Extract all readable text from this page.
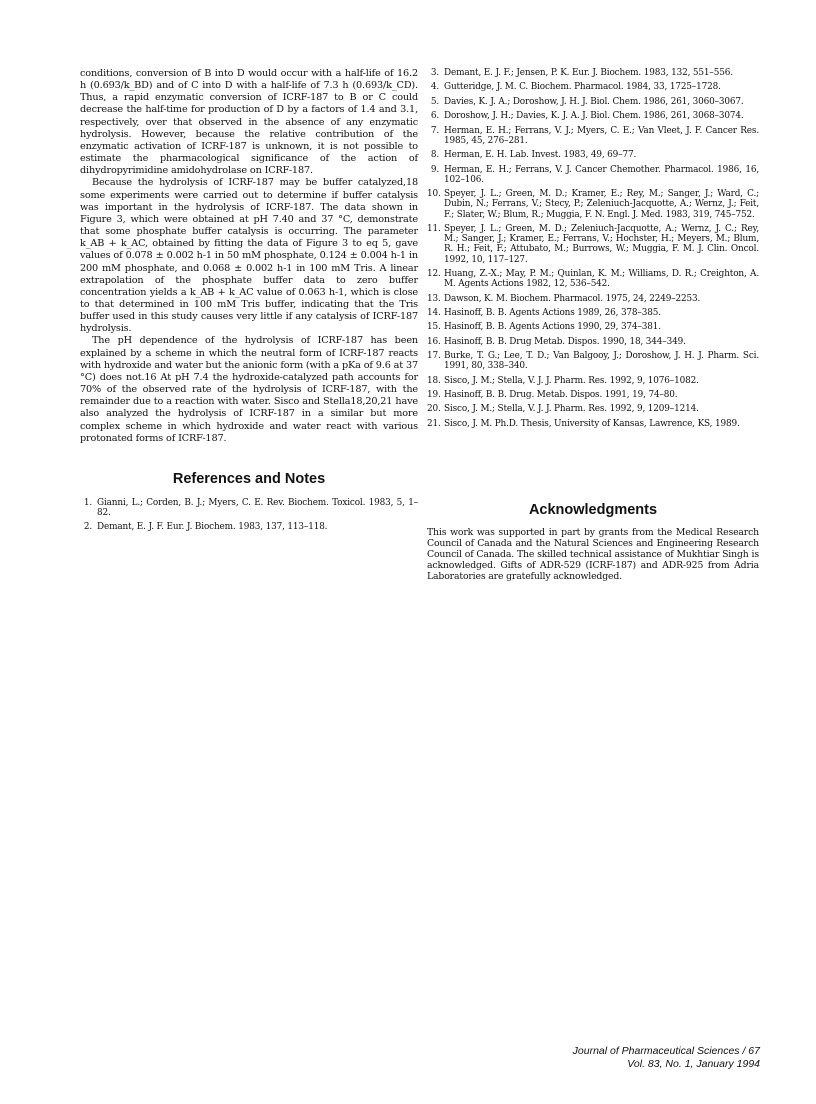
conditions, conversion of B into D would occur with a half-life of 16.2 h (0.693/k_BD) and of C into D with a half-life of 7.3 h (0.693/k_CD). Thus, a rapid enzymatic conversion of ICRF-187 to B or C could decrease the half-time for production of D by a factors of 1.4 and 3.1, respectively, over that observed in the absence of any enzymatic hydrolysis. However, because the relative contribution of the enzymatic activation of ICRF-187 is unknown, it is not possible to estimate the pharmacological significance of the action of dihydropyrimidine amidohydrolase on ICRF-187.

Because the hydrolysis of ICRF-187 may be buffer catalyzed,18 some experiments were carried out to determine if buffer catalysis was important in the hydrolysis of ICRF-187. The data shown in Figure 3, which were obtained at pH 7.40 and 37 °C, demonstrate that some phosphate buffer catalysis is occurring. The parameter k_AB + k_AC, obtained by fitting the data of Figure 3 to eq 5, gave values of 0.078 ± 0.002 h-1 in 50 mM phosphate, 0.124 ± 0.004 h-1 in 200 mM phosphate, and 0.068 ± 0.002 h-1 in 100 mM Tris. A linear extrapolation of the phosphate buffer data to zero buffer concentration yields a k_AB + k_AC value of 0.063 h-1, which is close to that determined in 100 mM Tris buffer, indicating that the Tris buffer used in this study causes very little if any catalysis of ICRF-187 hydrolysis.

The pH dependence of the hydrolysis of ICRF-187 has been explained by a scheme in which the neutral form of ICRF-187 reacts with hydroxide and water but the anionic form (with a pKa of 9.6 at 37 °C) does not.16 At pH 7.4 the hydroxide-catalyzed path accounts for 70% of the observed rate of the hydrolysis of ICRF-187, with the remainder due to a reaction with water. Sisco and Stella18,20,21 have also analyzed the hydrolysis of ICRF-187 in a similar but more complex scheme in which hydroxide and water react with various protonated forms of ICRF-187.

References and Notes
1. Gianni, L.; Corden, B. J.; Myers, C. E. Rev. Biochem. Toxicol. 1983, 5, 1–82.
2. Demant, E. J. F. Eur. J. Biochem. 1983, 137, 113–118.
3. Demant, E. J. F.; Jensen, P. K. Eur. J. Biochem. 1983, 132, 551–556.
4. Gutteridge, J. M. C. Biochem. Pharmacol. 1984, 33, 1725–1728.
5. Davies, K. J. A.; Doroshow, J. H. J. Biol. Chem. 1986, 261, 3060–3067.
6. Doroshow, J. H.; Davies, K. J. A. J. Biol. Chem. 1986, 261, 3068–3074.
7. Herman, E. H.; Ferrans, V. J.; Myers, C. E.; Van Vleet, J. F. Cancer Res. 1985, 45, 276–281.
8. Herman, E. H. Lab. Invest. 1983, 49, 69–77.
9. Herman, E. H.; Ferrans, V. J. Cancer Chemother. Pharmacol. 1986, 16, 102–106.
10. Speyer, J. L.; Green, M. D.; Kramer, E.; Rey, M.; Sanger, J.; Ward, C.; Dubin, N.; Ferrans, V.; Stecy, P.; Zeleniuch-Jacquotte, A.; Wernz, J.; Feit, F.; Slater, W.; Blum, R.; Muggia, F. N. Engl. J. Med. 1983, 319, 745–752.
11. Speyer, J. L.; Green, M. D.; Zeleniuch-Jacquotte, A.; Wernz, J. C.; Rey, M.; Sanger, J.; Kramer, E.; Ferrans, V.; Hochster, H.; Meyers, M.; Blum, R. H.; Feit, F.; Attubato, M.; Burrows, W.; Muggia, F. M. J. Clin. Oncol. 1992, 10, 117–127.
12. Huang, Z.-X.; May, P. M.; Quinlan, K. M.; Williams, D. R.; Creighton, A. M. Agents Actions 1982, 12, 536–542.
13. Dawson, K. M. Biochem. Pharmacol. 1975, 24, 2249–2253.
14. Hasinoff, B. B. Agents Actions 1989, 26, 378–385.
15. Hasinoff, B. B. Agents Actions 1990, 29, 374–381.
16. Hasinoff, B. B. Drug Metab. Dispos. 1990, 18, 344–349.
17. Burke, T. G.; Lee, T. D.; Van Balgooy, J.; Doroshow, J. H. J. Pharm. Sci. 1991, 80, 338–340.
18. Sisco, J. M.; Stella, V. J. J. Pharm. Res. 1992, 9, 1076–1082.
19. Hasinoff, B. B. Drug. Metab. Dispos. 1991, 19, 74–80.
20. Sisco, J. M.; Stella, V. J. J. Pharm. Res. 1992, 9, 1209–1214.
21. Sisco, J. M. Ph.D. Thesis, University of Kansas, Lawrence, KS, 1989.
Acknowledgments

This work was supported in part by grants from the Medical Research Council of Canada and the Natural Sciences and Engineering Research Council of Canada. The skilled technical assistance of Mukhtiar Singh is acknowledged. Gifts of ADR-529 (ICRF-187) and ADR-925 from Adria Laboratories are gratefully acknowledged.

Journal of Pharmaceutical Sciences / 67
Vol. 83, No. 1, January 1994
